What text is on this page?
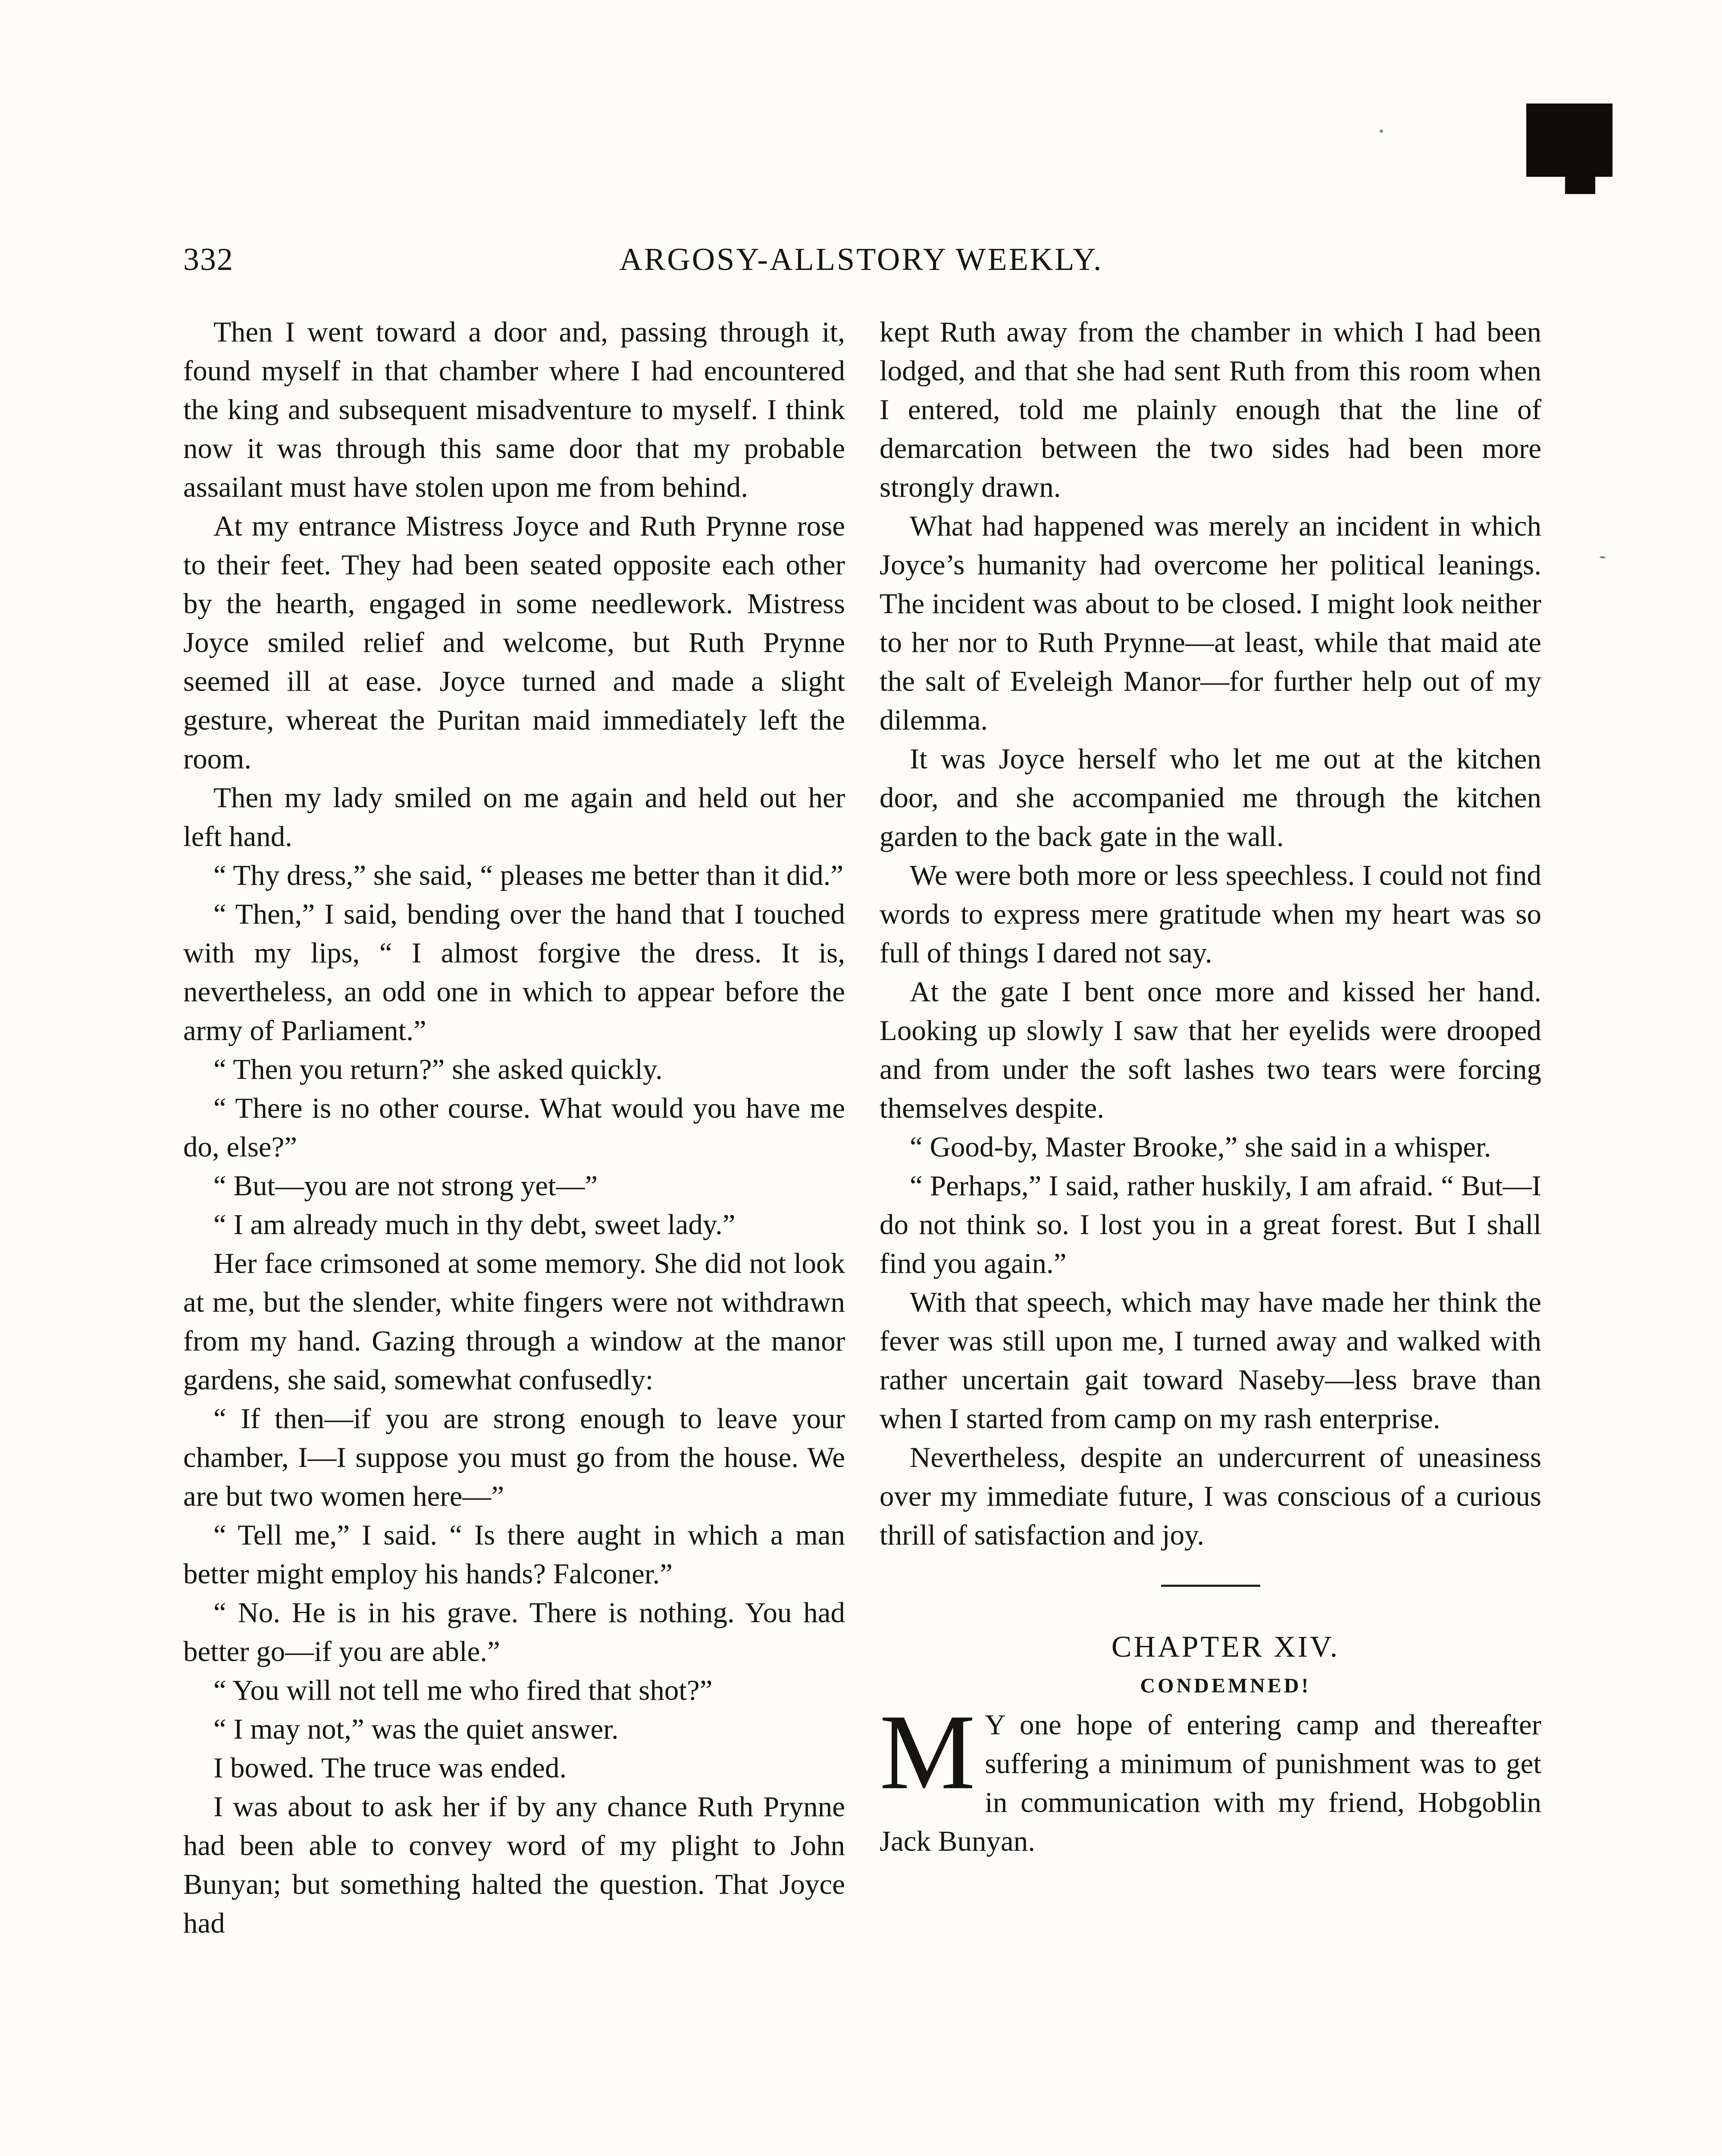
332	ARGOSY-ALLSTORY WEEKLY.

Then I went toward a door and, passing through it, found myself in that chamber where I had encountered the king and subsequent misadventure to myself. I think now it was through this same door that my probable assailant must have stolen upon me from behind.

At my entrance Mistress Joyce and Ruth Prynne rose to their feet. They had been seated opposite each other by the hearth, engaged in some needlework. Mistress Joyce smiled relief and welcome, but Ruth Prynne seemed ill at ease. Joyce turned and made a slight gesture, whereat the Puritan maid immediately left the room.

Then my lady smiled on me again and held out her left hand.

“ Thy dress,” she said, “ pleases me better than it did.”

“ Then,” I said, bending over the hand that I touched with my lips, “ I almost forgive the dress. It is, nevertheless, an odd one in which to appear before the army of Parliament.”

“ Then you return?” she asked quickly.

“ There is no other course. What would you have me do, else?”

“ But—you are not strong yet—”

“ I am already much in thy debt, sweet lady.”

Her face crimsoned at some memory. She did not look at me, but the slender, white fingers were not withdrawn from my hand. Gazing through a window at the manor gardens, she said, somewhat confusedly:

“ If then—if you are strong enough to leave your chamber, I—I suppose you must go from the house. We are but two women here—”

“ Tell me,” I said. “ Is there aught in which a man better might employ his hands? Falconer.”

“ No. He is in his grave. There is nothing. You had better go—if you are able.”

“ You will not tell me who fired that shot?”

“ I may not,” was the quiet answer.

I bowed. The truce was ended.

I was about to ask her if by any chance Ruth Prynne had been able to convey word of my plight to John Bunyan; but something halted the question. That Joyce had

kept Ruth away from the chamber in which I had been lodged, and that she had sent Ruth from this room when I entered, told me plainly enough that the line of demarcation between the two sides had been more strongly drawn.

What had happened was merely an incident in which Joyce’s humanity had overcome her political leanings. The incident was about to be closed. I might look neither to her nor to Ruth Prynne—at least, while that maid ate the salt of Eveleigh Manor—for further help out of my dilemma.

It was Joyce herself who let me out at the kitchen door, and she accompanied me through the kitchen garden to the back gate in the wall.

We were both more or less speechless. I could not find words to express mere gratitude when my heart was so full of things I dared not say.

At the gate I bent once more and kissed her hand. Looking up slowly I saw that her eyelids were drooped and from under the soft lashes two tears were forcing themselves despite.

“ Good-by, Master Brooke,” she said in a whisper.

“ Perhaps,” I said, rather huskily, I am afraid. “ But—I do not think so. I lost you in a great forest. But I shall find you again.”

With that speech, which may have made her think the fever was still upon me, I turned away and walked with rather uncertain gait toward Naseby—less brave than when I started from camp on my rash enterprise.

Nevertheless, despite an undercurrent of uneasiness over my immediate future, I was conscious of a curious thrill of satisfaction and joy.

CHAPTER XIV.

CONDEMNED!

M Y one hope of entering camp and thereafter suffering a minimum of punishment was to get in communication with my friend, Hobgoblin Jack Bunyan.
